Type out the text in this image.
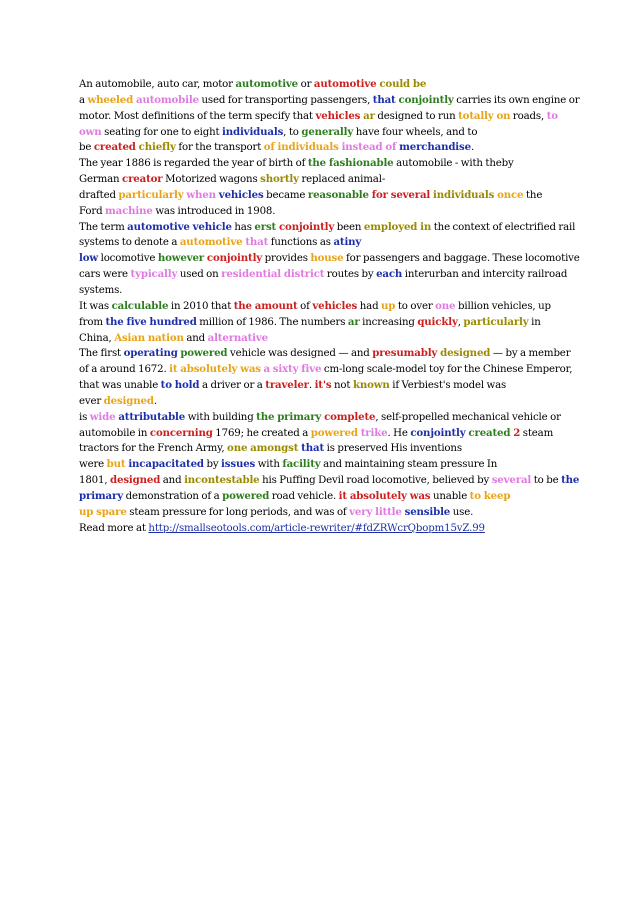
An automobile, auto car, motor automotive or automotive could be
a wheeled automobile used for transporting passengers, that conjointly carries its own engine or
motor. Most definitions of the term specify that vehicles ar designed to run totally on roads, to
own seating for one to eight individuals, to generally have four wheels, and to
be created chiefly for the transport of individuals instead of merchandise.
The year 1886 is regarded the year of birth of the fashionable automobile - with theby
German creator Motorized wagons shortly replaced animal-
drafted particularly when vehicles became reasonable for several individuals once the
Ford machine was introduced in 1908.
The term automotive vehicle has erst conjointly been employed in the context of electrified rail
systems to denote a automotive that functions as atiny
low locomotive however conjointly provides house for passengers and baggage. These locomotive
cars were typically used on residential district routes by each interurban and intercity railroad
systems.
It was calculable in 2010 that the amount of vehicles had up to over one billion vehicles, up
from the five hundred million of 1986. The numbers ar increasing quickly, particularly in
China, Asian nation and alternative
The first operating powered vehicle was designed — and presumably designed — by a member
of a around 1672. it absolutely was a sixty five cm-long scale-model toy for the Chinese Emperor,
that was unable to hold a driver or a traveler. it's not known if Verbiest's model was
ever designed.
is wide attributable with building the primary complete, self-propelled mechanical vehicle or
automobile in concerning 1769; he created a powered trike. He conjointly created 2 steam
tractors for the French Army, one amongst that is preserved His inventions
were but incapacitated by issues with facility and maintaining steam pressure In
1801, designed and incontestable his Puffing Devil road locomotive, believed by several to be the
primary demonstration of a powered road vehicle. it absolutely was unable to keep
up spare steam pressure for long periods, and was of very little sensible use.
Read more at http://smallseotools.com/article-rewriter/#fdZRWcrQbopm15vZ.99
